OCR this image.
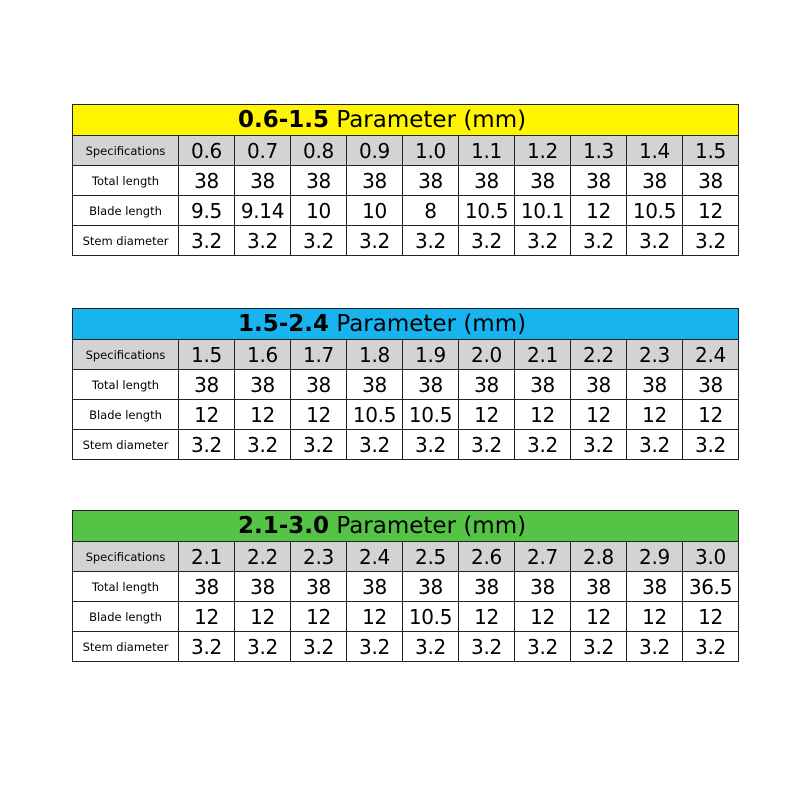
0.6-1.5 Parameter (mm)										
Specifications	0.6	0.7	0.8	0.9	1.0	1.1	1.2	1.3	1.4	1.5
Total length	38	38	38	38	38	38	38	38	38	38
Blade length	9.5	9.14	10	10	8	10.5	10.1	12	10.5	12
Stem diameter	3.2	3.2	3.2	3.2	3.2	3.2	3.2	3.2	3.2	3.2
1.5-2.4 Parameter (mm)										
Specifications	1.5	1.6	1.7	1.8	1.9	2.0	2.1	2.2	2.3	2.4
Total length	38	38	38	38	38	38	38	38	38	38
Blade length	12	12	12	10.5	10.5	12	12	12	12	12
Stem diameter	3.2	3.2	3.2	3.2	3.2	3.2	3.2	3.2	3.2	3.2
2.1-3.0 Parameter (mm)										
Specifications	2.1	2.2	2.3	2.4	2.5	2.6	2.7	2.8	2.9	3.0
Total length	38	38	38	38	38	38	38	38	38	36.5
Blade length	12	12	12	12	10.5	12	12	12	12	12
Stem diameter	3.2	3.2	3.2	3.2	3.2	3.2	3.2	3.2	3.2	3.2
